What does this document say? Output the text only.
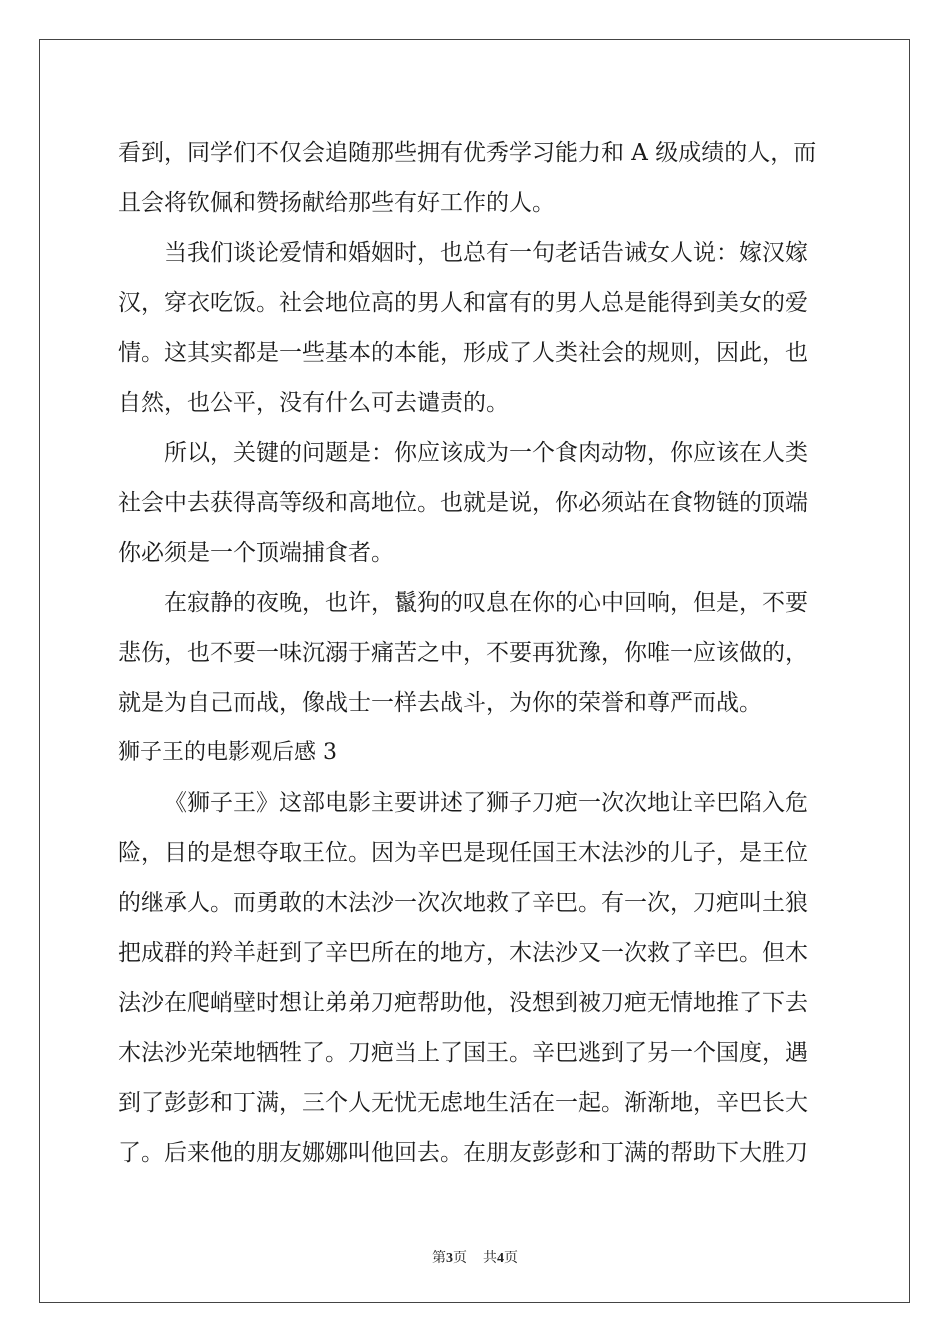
看到，同学们不仅会追随那些拥有优秀学习能力和 A 级成绩的人，而
且会将钦佩和赞扬献给那些有好工作的人。
当我们谈论爱情和婚姻时，也总有一句老话告诫女人说：嫁汉嫁
汉，穿衣吃饭。社会地位高的男人和富有的男人总是能得到美女的爱
情。这其实都是一些基本的本能，形成了人类社会的规则，因此，也
自然，也公平，没有什么可去谴责的。
所以，关键的问题是：你应该成为一个食肉动物，你应该在人类
社会中去获得高等级和高地位。也就是说，你必须站在食物链的顶端
你必须是一个顶端捕食者。
在寂静的夜晚，也许，鬣狗的叹息在你的心中回响，但是，不要
悲伤，也不要一味沉溺于痛苦之中，不要再犹豫，你唯一应该做的，
就是为自己而战，像战士一样去战斗，为你的荣誉和尊严而战。
狮子王的电影观后感 3
《狮子王》这部电影主要讲述了狮子刀疤一次次地让辛巴陷入危
险，目的是想夺取王位。因为辛巴是现任国王木法沙的儿子，是王位
的继承人。而勇敢的木法沙一次次地救了辛巴。有一次，刀疤叫土狼
把成群的羚羊赶到了辛巴所在的地方，木法沙又一次救了辛巴。但木
法沙在爬峭壁时想让弟弟刀疤帮助他，没想到被刀疤无情地推了下去
木法沙光荣地牺牲了。刀疤当上了国王。辛巴逃到了另一个国度，遇
到了彭彭和丁满，三个人无忧无虑地生活在一起。渐渐地，辛巴长大
了。后来他的朋友娜娜叫他回去。在朋友彭彭和丁满的帮助下大胜刀
第3页 共4页
